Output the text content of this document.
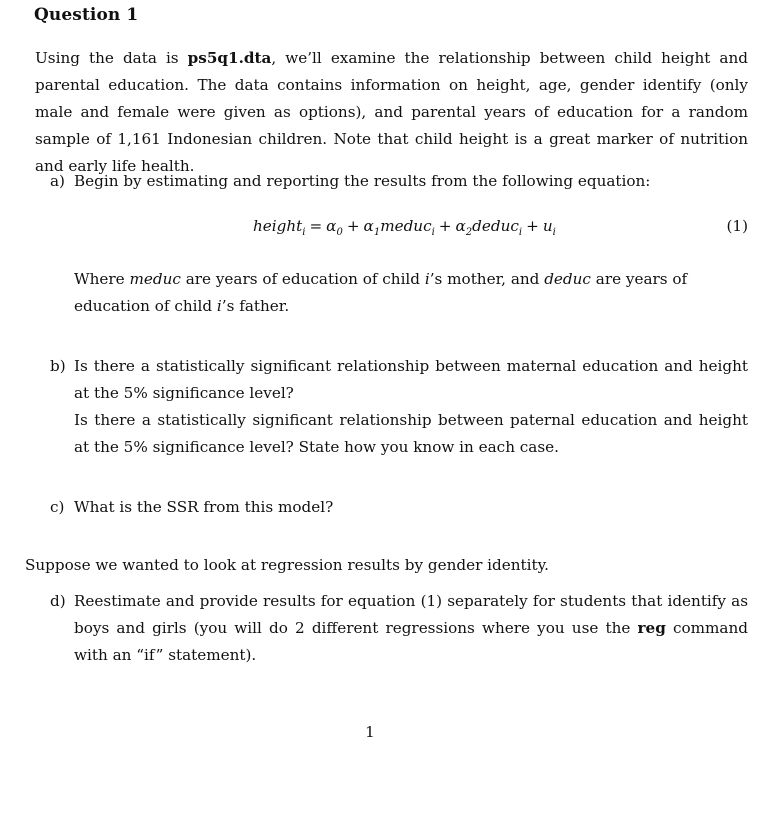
Question 1
Using the data is ps5q1.dta, we’ll examine the relationship between child height and parental education. The data contains information on height, age, gender identify (only male and female were given as options), and parental years of education for a random sample of 1,161 Indonesian children. Note that child height is a great marker of nutrition and early life health.
a) Begin by estimating and reporting the results from the following equation:
height$_i$ = $\alpha_0$ + $\alpha_1meduc_i$ + $\alpha_2deduc_i + u_i$	(1)
Where meduc are years of education of child i’s mother, and deduc are years of education of child i’s father.
b) Is there a statistically significant relationship between maternal education and height at the 5% significance level?
Is there a statistically significant relationship between paternal education and height at the 5% significance level? State how you know in each case.
c) What is the SSR from this model?
Suppose we wanted to look at regression results by gender identity.
d) Reestimate and provide results for equation (1) separately for students that identify as boys and girls (you will do 2 different regressions where you use the reg command with an “if” statement).
1
